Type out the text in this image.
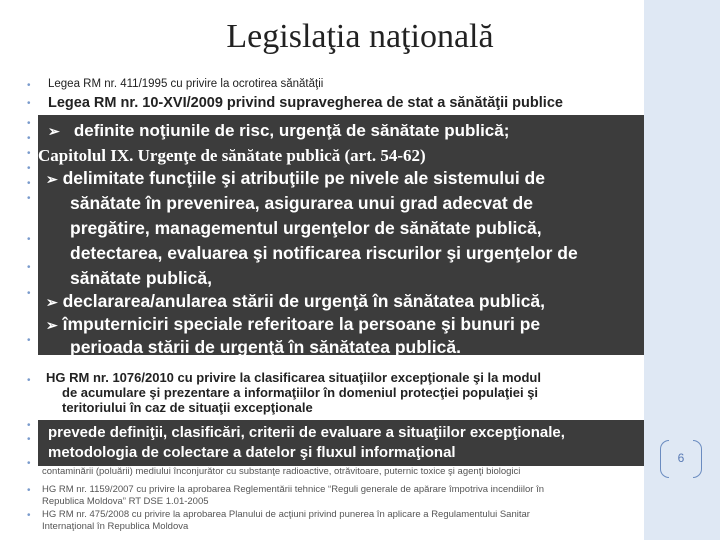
6
Legislaţia naţională
•
•
•
•
•
•
•
•
•
•
•
•
•
•
•
•
•
•
Legea RM nr. 411/1995 cu privire la ocrotirea sănătăţii
Legea RM nr. 10-XVI/2009 privind supravegherea de stat a sănătăţii publice
➢ definite noţiunile de risc, urgenţă de sănătate publică;
Capitolul IX. Urgenţe de sănătate publică (art. 54-62)
➢ delimitate funcţiile şi atribuţiile pe nivele ale sistemului de
sănătate în prevenirea, asigurarea unui grad adecvat de
pregătire, managementul urgenţelor de sănătate publică,
detectarea, evaluarea şi notificarea riscurilor şi urgenţelor de
sănătate publică,
➢ declararea/anularea stării de urgenţă în sănătatea publică,
➢ împuterniciri speciale referitoare la persoane şi bunuri pe
perioada stării de urgenţă în sănătatea publică.
HG RM nr. 1076/2010 cu privire la clasificarea situaţiilor excepţionale şi la modul
de acumulare şi prezentare a informaţiilor în domeniul protecţiei populaţiei şi
teritoriului în caz de situaţii excepţionale
prevede definiţii, clasificări, criterii de evaluare a situaţiilor excepţionale,
metodologia de colectare a datelor şi fluxul informaţional
contaminării (poluării) mediului înconjurător cu substanţe radioactive, otrăvitoare, puternic toxice şi agenţi biologici
HG RM nr. 1159/2007 cu privire la aprobarea Reglementării tehnice “Reguli generale de apărare împotriva incendiilor în
Republica Moldova” RT DSE 1.01-2005
HG RM nr. 475/2008 cu privire la aprobarea Planului de acţiuni privind punerea în aplicare a Regulamentului Sanitar
Internaţional în Republica Moldova
